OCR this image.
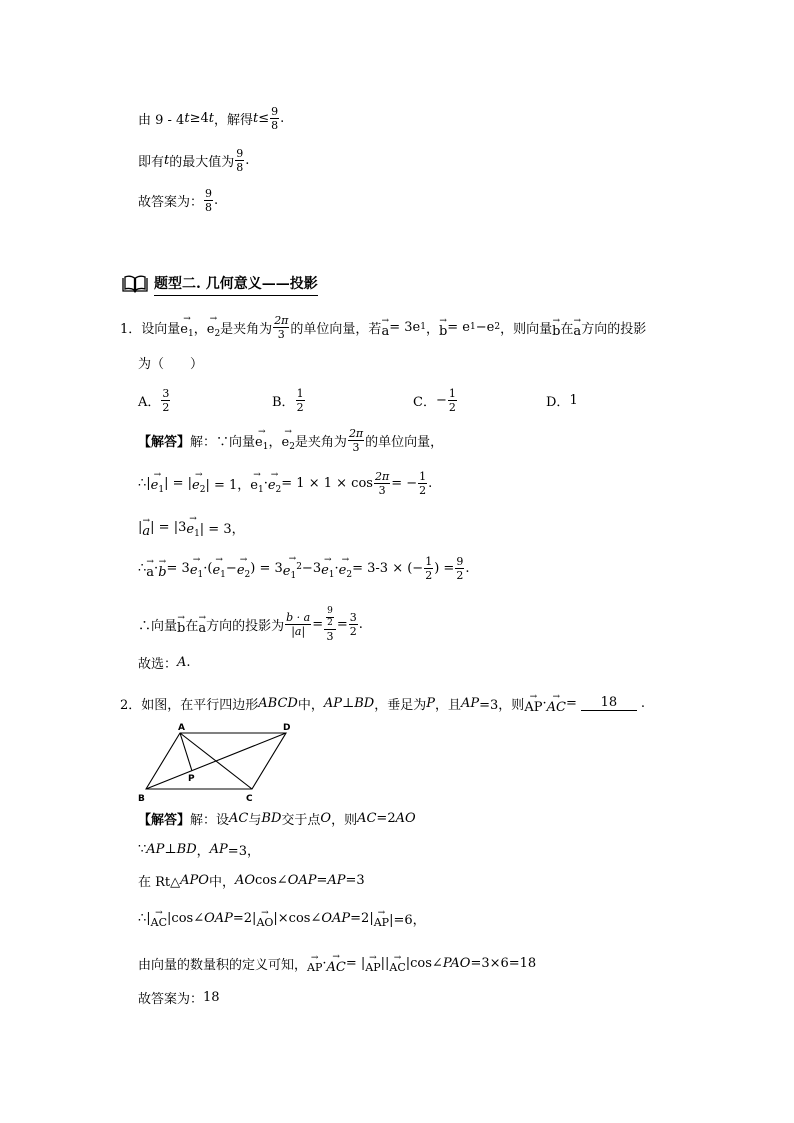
由 9 - 4 t ≥4 t ，解得 $t \le \frac{9}{8}$ .
即有 t 的最大值为 $\frac{9}{8}$ .
故答案为： $\frac{9}{8}$ .
题型二. 几何意义——投影
1．设向量
→
$e_1$ ，
→
$e_2$ 是夹角为 $\frac{2\pi}{3}$ 的单位向量，若
→
a = 3e 1 ，
→
b = e 1 −e 2 ，则向量
→
b 在
→
a 方向的投影
为（　　）
A． $\frac{3}{2}$	B． $\frac{1}{2}$	C． − $\frac{1}{2}$	D． 1
【解答】 解：∵向量
→
$e_1$ ，
→
$e_2$ 是夹角为 $\frac{2\pi}{3}$ 的单位向量，
∴|
→
$e_1$ | = |
→
$e_2$ | = 1，
→
$e_1$ ·
→
$e_2 = 1 \times 1 \times \cos \frac{2\pi}{3}$ = − $\frac{1}{2}$ .
| →
a | = |3
→
$e_1$ | = 3，
∴ →
a · →
b = 3
→
$e_1$ ·(
→
$e_1$ −
→
$e_2$ ) = 3
→
$e_1^2 -3$
→
$e_1$ ·
→
$e_2 = 3-3$ × (− $\frac{1}{2}$ ) = $\frac{9}{2}$ .
∴向量
→
b 在
→
a 方向的投影为 $\frac{b \cdot a}{|a|} = \frac{\frac{9}{2}}{3} = \frac{3}{2}$ .
故选： A .
2．如图，在平行四边形 ABCD 中， AP ⊥ BD ，垂足为 P ，且 AP =3，则
→
AP · →
AC =	18	.
A
B	C
D
P
【解答】 解：设 AC 与 BD 交于点 O ，则 AC =2 AO
∵ AP ⊥ BD ， AP =3，
在 Rt△ APO 中， AO cos∠ OAP = AP =3
∴| →
AC |cos∠ OAP =2| →
AO |×cos∠ OAP =2| →
AP |=6，
由向量的数量积的定义可知， →
AP · →
AC = | →
AP || →
AC |cos∠ PAO =3×6=18
故答案为： 18
